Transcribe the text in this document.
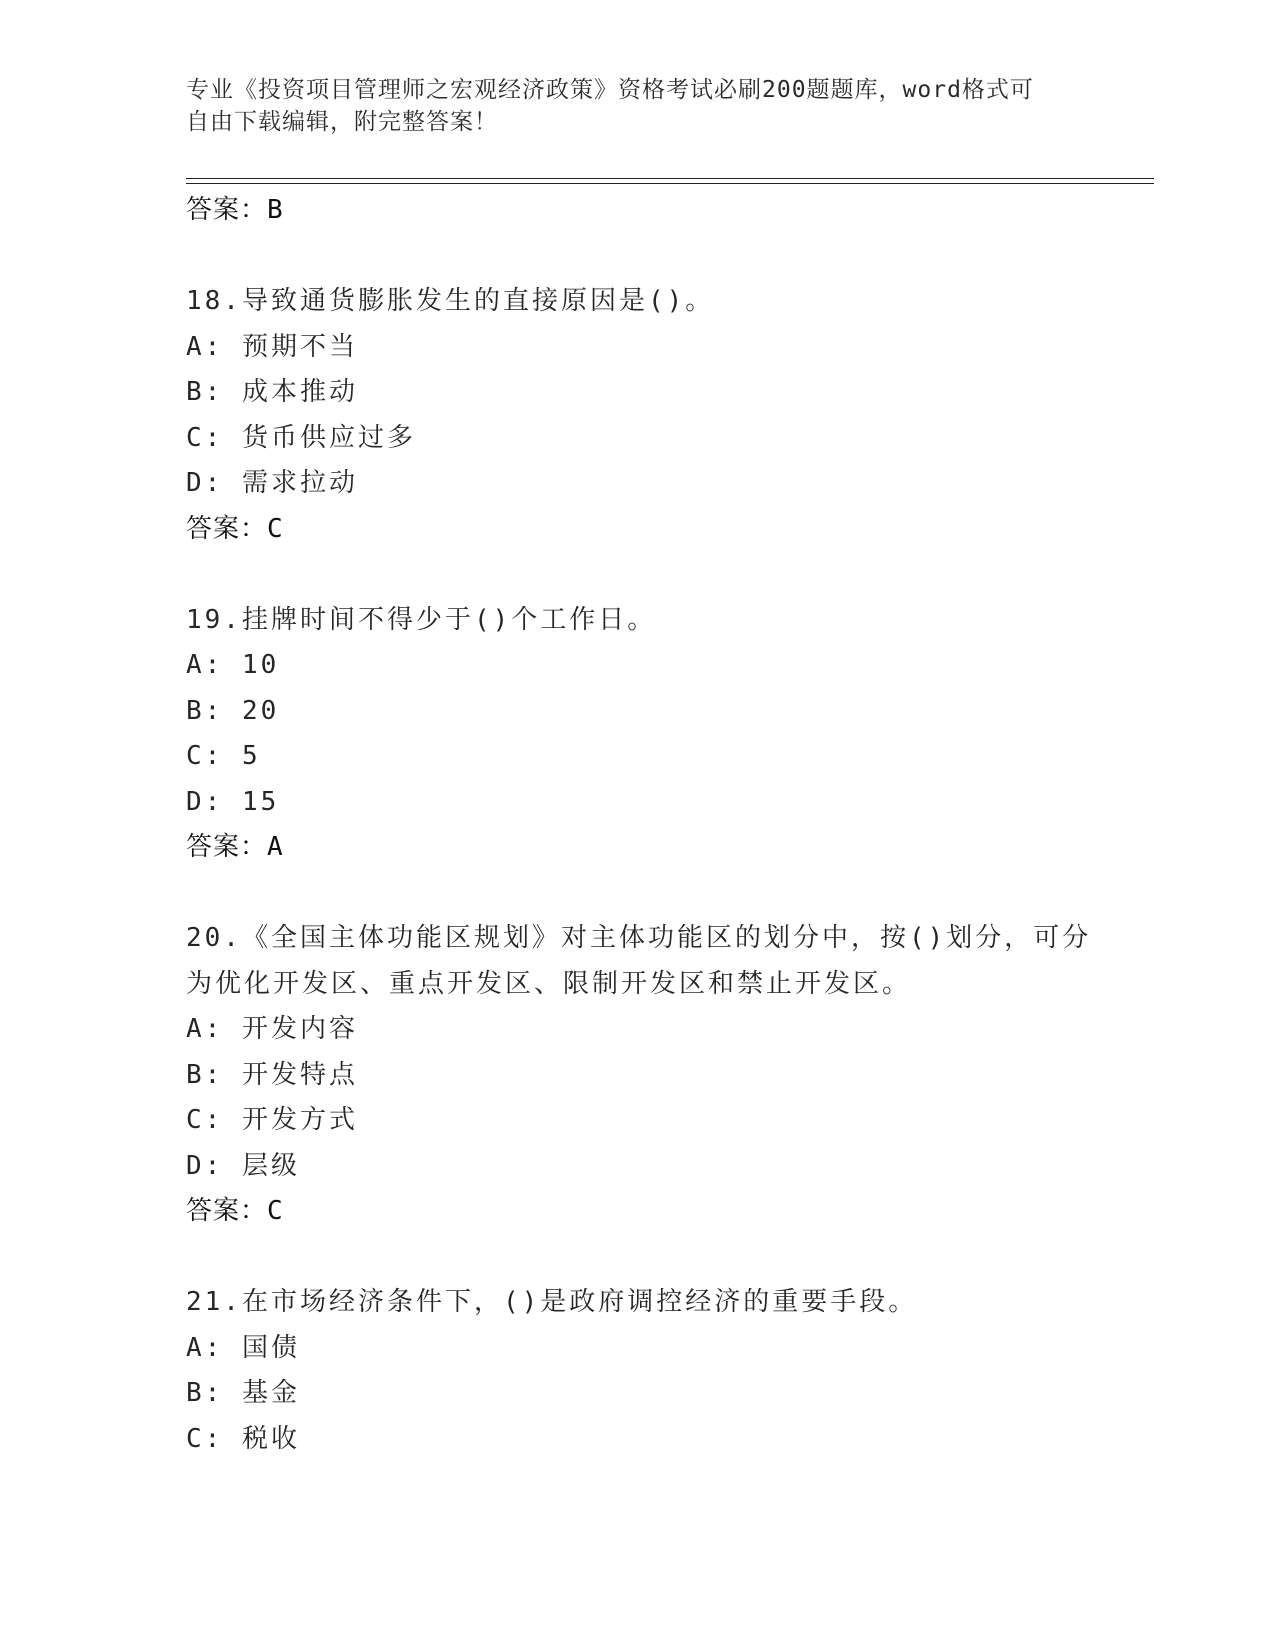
专业《投资项目管理师之宏观经济政策》资格考试必刷200题题库，word格式可
自由下载编辑，附完整答案！
答案：B
18.导致通货膨胀发生的直接原因是()。
A: 预期不当
B: 成本推动
C: 货币供应过多
D: 需求拉动
答案：C
19.挂牌时间不得少于()个工作日。
A: 10
B: 20
C: 5
D: 15
答案：A
20.《全国主体功能区规划》对主体功能区的划分中，按()划分，可分
为优化开发区、重点开发区、限制开发区和禁止开发区。
A: 开发内容
B: 开发特点
C: 开发方式
D: 层级
答案：C
21.在市场经济条件下，()是政府调控经济的重要手段。
A: 国债
B: 基金
C: 税收
